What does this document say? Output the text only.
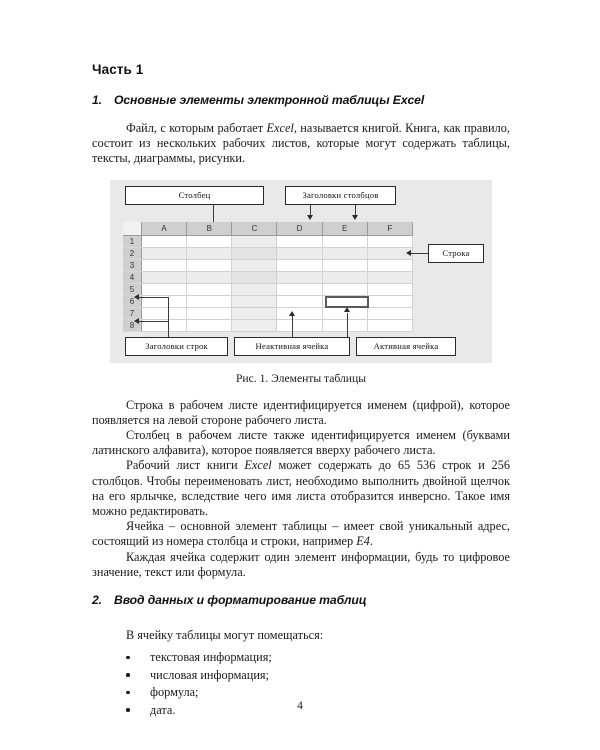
Часть 1
1. Основные элементы электронной таблицы Excel

Файл, с которым работает Excel, называется книгой. Книга, как правило, состоит из нескольких рабочих листов, которые могут содержать таблицы, тексты, диаграммы, рисунки.

Столбец	Заголовки столбцов
	A	B	C	D	E	F
1						
2						
3						
4						
5						
6						
7						
8						
Строка
Заголовки строк	Неактивная ячейка	Активная ячейка

Рис. 1. Элементы таблицы

Строка в рабочем листе идентифицируется именем (цифрой), которое появляется на левой стороне рабочего листа.

Столбец в рабочем листе также идентифицируется именем (буквами латинского алфавита), которое появляется вверху рабочего листа.

Рабочий лист книги Excel может содержать до 65 536 строк и 256 столбцов. Чтобы переименовать лист, необходимо выполнить двойной щелчок на его ярлычке, вследствие чего имя листа отобразится инверсно. Такое имя можно редактировать.

Ячейка – основной элемент таблицы – имеет свой уникальный адрес, состоящий из номера столбца и строки, например E4.

Каждая ячейка содержит один элемент информации, будь то цифровое значение, текст или формула.

2. Ввод данных и форматирование таблиц

В ячейку таблицы могут помещаться:

текстовая информация;
числовая информация;
формула;
дата.	4
